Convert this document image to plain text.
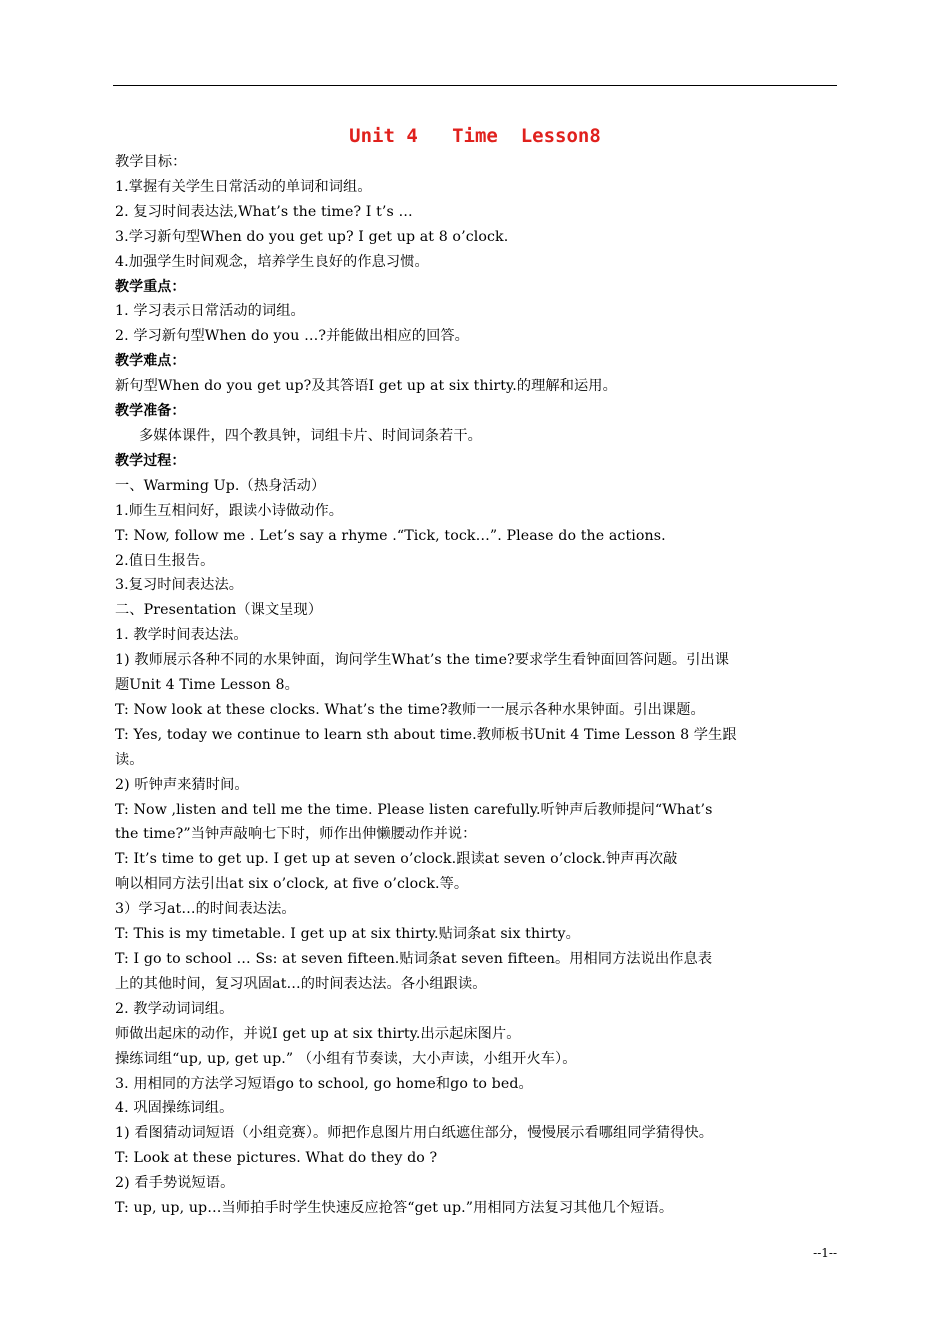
Unit 4   Time  Lesson8
教学目标：
1.掌握有关学生日常活动的单词和词组。
2. 复习时间表达法,What’s the time? I t’s …
3.学习新句型When do you get up? I get up at 8 o’clock.
4.加强学生时间观念，培养学生良好的作息习惯。
教学重点：
1. 学习表示日常活动的词组。
2. 学习新句型When do you …?并能做出相应的回答。
教学难点：
新句型When do you get up?及其答语I get up at six thirty.的理解和运用。
教学准备：
多媒体课件，四个教具钟，词组卡片、时间词条若干。
教学过程：
一、Warming Up.（热身活动）
1.师生互相问好，跟读小诗做动作。
T: Now, follow me . Let’s say a rhyme .“Tick, tock…”. Please do the actions.
2.值日生报告。
3.复习时间表达法。
二、Presentation（课文呈现）
1. 教学时间表达法。
1) 教师展示各种不同的水果钟面，询问学生What’s the time?要求学生看钟面回答问题。引出课
题Unit 4 Time Lesson 8。
T: Now look at these clocks. What’s the time?教师一一展示各种水果钟面。引出课题。
T: Yes, today we continue to learn sth about time.教师板书Unit 4 Time Lesson 8 学生跟
读。
2) 听钟声来猜时间。
T: Now ,listen and tell me the time. Please listen carefully.听钟声后教师提问“What’s
the time?”当钟声敲响七下时，师作出伸懒腰动作并说：
T: It’s time to get up. I get up at seven o’clock.跟读at seven o’clock.钟声再次敲
响以相同方法引出at six o’clock, at five o’clock.等。
3）学习at…的时间表达法。
T: This is my timetable. I get up at six thirty.贴词条at six thirty。
T: I go to school … Ss: at seven fifteen.贴词条at seven fifteen。用相同方法说出作息表
上的其他时间，复习巩固at…的时间表达法。各小组跟读。
2. 教学动词词组。
师做出起床的动作，并说I get up at six thirty.出示起床图片。
操练词组“up, up, get up.” （小组有节奏读，大小声读，小组开火车）。
3. 用相同的方法学习短语go to school, go home和go to bed。
4. 巩固操练词组。
1) 看图猜动词短语（小组竞赛）。师把作息图片用白纸遮住部分，慢慢展示看哪组同学猜得快。
T: Look at these pictures. What do they do ?
2) 看手势说短语。
T: up, up, up…当师拍手时学生快速反应抢答“get up.”用相同方法复习其他几个短语。
--1--
